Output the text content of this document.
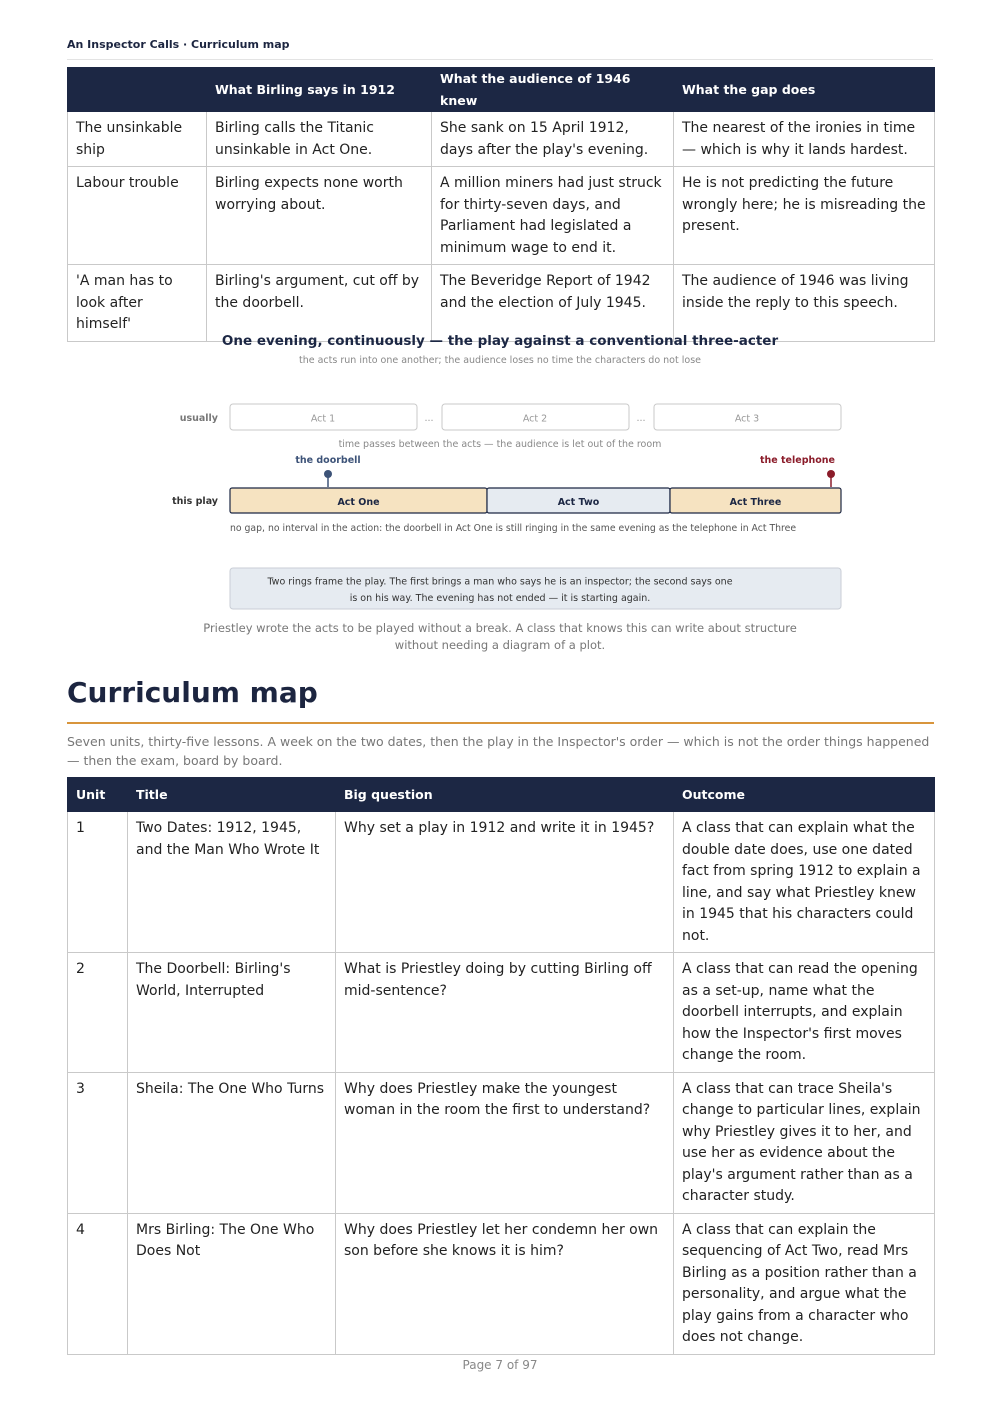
An Inspector Calls · Curriculum map
	What Birling says in 1912	What the audience of 1946 knew	What the gap does
The unsinkable ship	Birling calls the Titanic unsinkable in Act One.	She sank on 15 April 1912, days after the play's evening.	The nearest of the ironies in time — which is why it lands hardest.
Labour trouble	Birling expects none worth worrying about.	A million miners had just struck for thirty-seven days, and Parliament had legislated a minimum wage to end it.	He is not predicting the future wrongly here; he is misreading the present.
'A man has to look after himself'	Birling's argument, cut off by the doorbell.	The Beveridge Report of 1942 and the election of July 1945.	The audience of 1946 was living inside the reply to this speech.
One evening, continuously — the play against a conventional three-acter
the acts run into one another; the audience loses no time the characters do not lose
usually	Act 1	...	Act 2	...	Act 3
time passes between the acts — the audience is let out of the room
the doorbell	the telephone
this play	Act One	Act Two	Act Three
no gap, no interval in the action: the doorbell in Act One is still ringing in the same evening as the telephone in Act Three
Two rings frame the play. The first brings a man who says he is an inspector; the second says one
is on his way. The evening has not ended — it is starting again.
Priestley wrote the acts to be played without a break. A class that knows this can write about structure
without needing a diagram of a plot.
Curriculum map
Seven units, thirty-five lessons. A week on the two dates, then the play in the Inspector's order — which is not the order things happened — then the exam, board by board.
Unit	Title	Big question	Outcome
1	Two Dates: 1912, 1945, and the Man Who Wrote It	Why set a play in 1912 and write it in 1945?	A class that can explain what the double date does, use one dated fact from spring 1912 to explain a line, and say what Priestley knew in 1945 that his characters could not.
2	The Doorbell: Birling's World, Interrupted	What is Priestley doing by cutting Birling off mid-sentence?	A class that can read the opening as a set-up, name what the doorbell interrupts, and explain how the Inspector's first moves change the room.
3	Sheila: The One Who Turns	Why does Priestley make the youngest woman in the room the first to understand?	A class that can trace Sheila's change to particular lines, explain why Priestley gives it to her, and use her as evidence about the play's argument rather than as a character study.
4	Mrs Birling: The One Who Does Not	Why does Priestley let her condemn her own son before she knows it is him?	A class that can explain the sequencing of Act Two, read Mrs Birling as a position rather than a personality, and argue what the play gains from a character who does not change.
Page 7 of 97
